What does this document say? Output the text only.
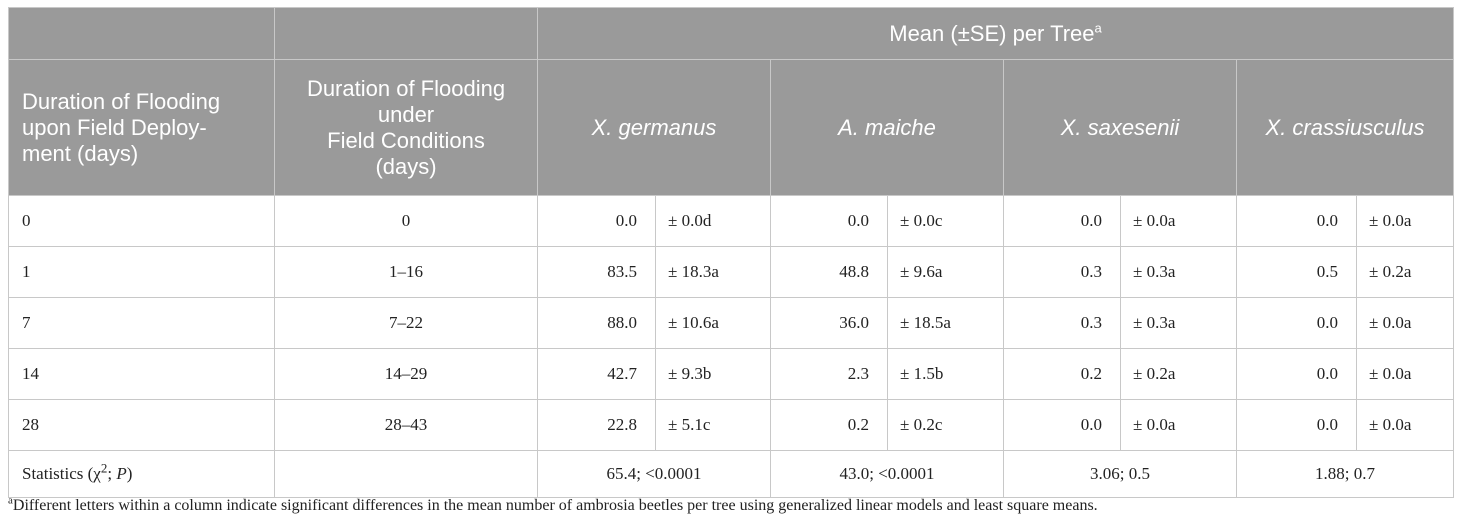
		Mean (±SE) per Tree$^a$
Duration of Flooding
upon Field Deploy-
ment (days)	Duration of Flooding
under
Field Conditions
(days)	X. germanus		A. maiche		X. saxesenii		X. crassiusculus	
0	0	0.0	± 0.0d	0.0	± 0.0c	0.0	± 0.0a	0.0	± 0.0a
1	1–16	83.5	± 18.3a	48.8	± 9.6a	0.3	± 0.3a	0.5	± 0.2a
7	7–22	88.0	± 10.6a	36.0	± 18.5a	0.3	± 0.3a	0.0	± 0.0a
14	14–29	42.7	± 9.3b	2.3	± 1.5b	0.2	± 0.2a	0.0	± 0.0a
28	28–43	22.8	± 5.1c	0.2	± 0.2c	0.0	± 0.0a	0.0	± 0.0a
Statistics ($\chi^2$; P)		65.4; <0.0001		43.0; <0.0001		3.06; 0.5		1.88; 0.7	
$^a$Different letters within a column indicate significant differences in the mean number of ambrosia beetles per tree using generalized linear models and least square means.
